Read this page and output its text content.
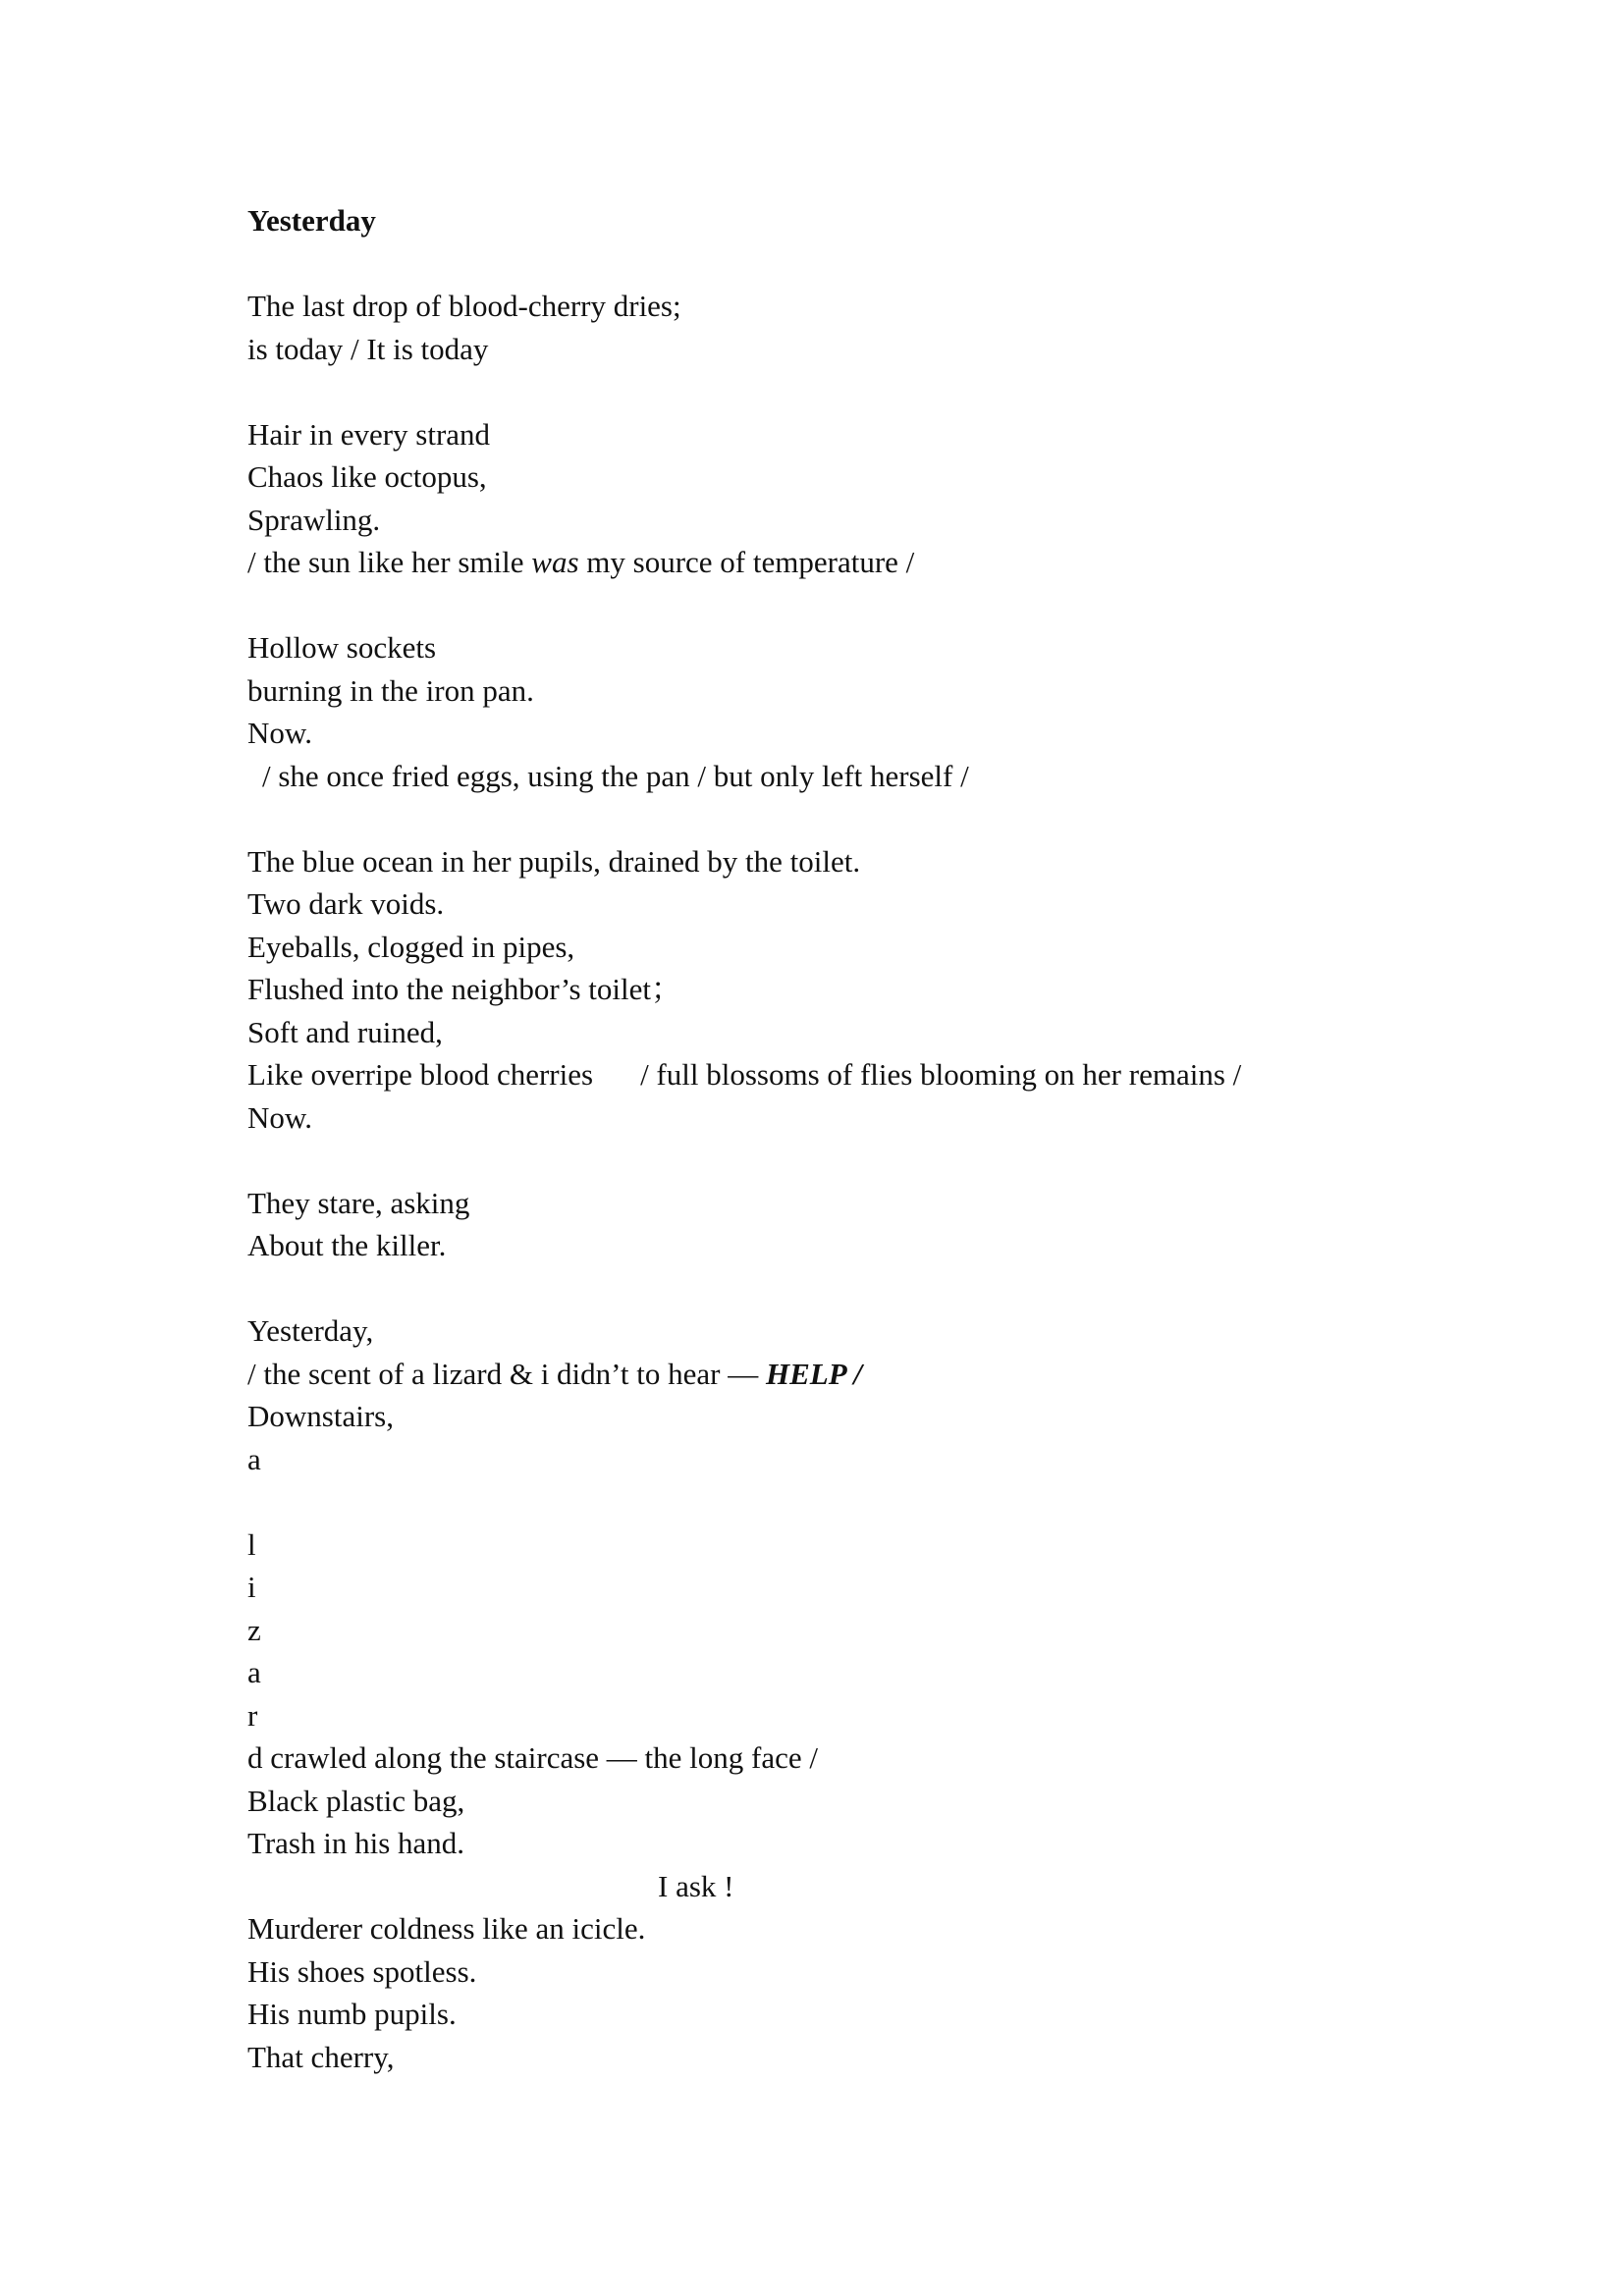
Yesterday
The last drop of blood-cherry dries;
is today / It is today
Hair in every strand
Chaos like octopus,
Sprawling.
/ the sun like her smile was my source of temperature /
Hollow sockets
burning in the iron pan.
Now.
/ she once fried eggs, using the pan / but only left herself /
The blue ocean in her pupils, drained by the toilet.
Two dark voids.
Eyeballs, clogged in pipes,
Flushed into the neighbor’s toilet；
Soft and ruined,
Like overripe blood cherries / full blossoms of flies blooming on her remains /
Now.
They stare, asking
About the killer.
Yesterday,
/ the scent of a lizard & i didn’t to hear — HELP /
Downstairs,
a
l
i
z
a
r
d crawled along the staircase — the long face /
Black plastic bag,
Trash in his hand.
I ask !
Murderer coldness like an icicle.
His shoes spotless.
His numb pupils.
That cherry,
